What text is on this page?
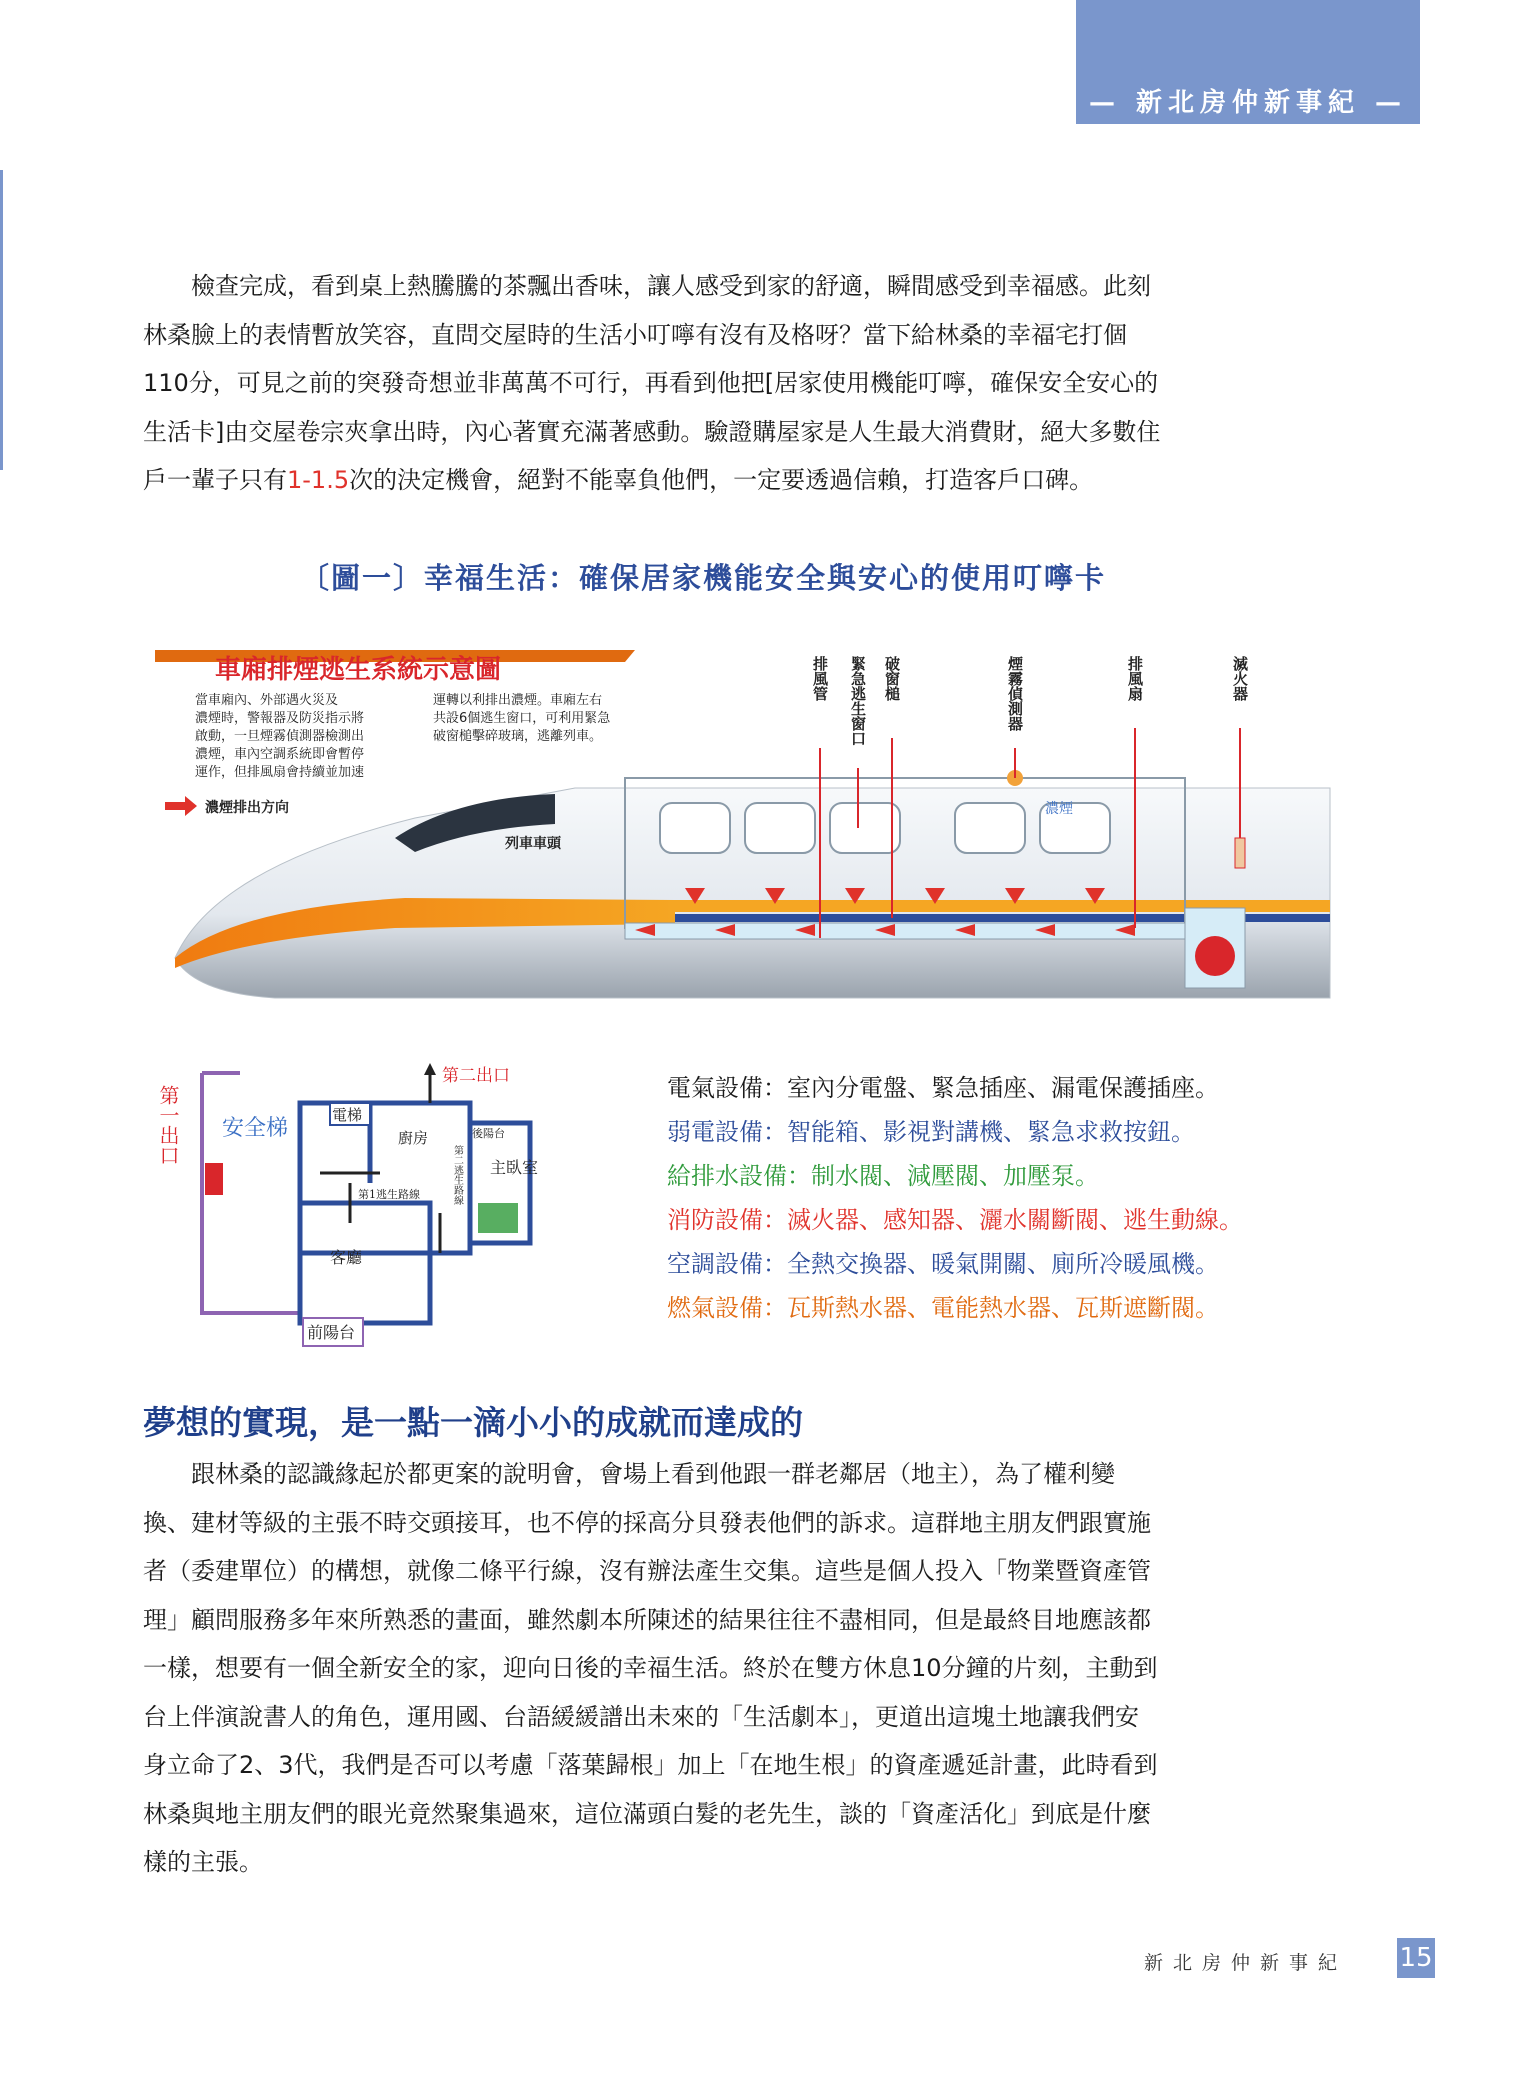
— 新北房仲新事紀 —
檢查完成，看到桌上熱騰騰的茶飄出香味，讓人感受到家的舒適，瞬間感受到幸福感。此刻
林桑臉上的表情暫放笑容，直問交屋時的生活小叮嚀有沒有及格呀？當下給林桑的幸福宅打個
110分，可見之前的突發奇想並非萬萬不可行，再看到他把[居家使用機能叮嚀，確保安全安心的
生活卡]由交屋卷宗夾拿出時，內心著實充滿著感動。驗證購屋家是人生最大消費財，絕大多數住
戶一輩子只有1-1.5次的決定機會，絕對不能辜負他們，一定要透過信賴，打造客戶口碑。
〔圖一〕幸福生活：確保居家機能安全與安心的使用叮嚀卡
車廂排煙逃生系統示意圖
當車廂內、外部遇火災及
濃煙時，警報器及防災指示將
啟動，一旦煙霧偵測器檢測出
濃煙，車內空調系統即會暫停
運作，但排風扇會持續並加速
運轉以利排出濃煙。車廂左右
共設6個逃生窗口，可利用緊急
破窗槌擊碎玻璃，逃離列車。
濃煙排出方向
列車車頭
濃煙
排風管 緊急逃生窗口 破窗槌	煙霧偵測器	排風扇	滅火器
第一出口 安全梯
電梯
廚房	後陽台
第二逃生路線 主臥室
第1逃生路線
客廳
前陽台
第二出口	電氣設備：室內分電盤、緊急插座、漏電保護插座。
弱電設備：智能箱、影視對講機、緊急求救按鈕。
給排水設備：制水閥、減壓閥、加壓泵。
消防設備：滅火器、感知器、灑水關斷閥、逃生動線。
空調設備：全熱交換器、暖氣開關、廁所冷暖風機。
燃氣設備：瓦斯熱水器、電能熱水器、瓦斯遮斷閥。
夢想的實現，是一點一滴小小的成就而達成的
跟林桑的認識緣起於都更案的說明會，會場上看到他跟一群老鄰居（地主），為了權利變
換、建材等級的主張不時交頭接耳，也不停的採高分貝發表他們的訴求。這群地主朋友們跟實施
者（委建單位）的構想，就像二條平行線，沒有辦法產生交集。這些是個人投入「物業暨資產管
理」顧問服務多年來所熟悉的畫面，雖然劇本所陳述的結果往往不盡相同，但是最終目地應該都
一樣，想要有一個全新安全的家，迎向日後的幸福生活。終於在雙方休息10分鐘的片刻，主動到
台上伴演說書人的角色，運用國、台語緩緩譜出未來的「生活劇本」，更道出這塊土地讓我們安
身立命了2、3代，我們是否可以考慮「落葉歸根」加上「在地生根」的資產遞延計畫，此時看到
林桑與地主朋友們的眼光竟然聚集過來，這位滿頭白髮的老先生，談的「資產活化」到底是什麼
樣的主張。
新北房仲新事紀 15
